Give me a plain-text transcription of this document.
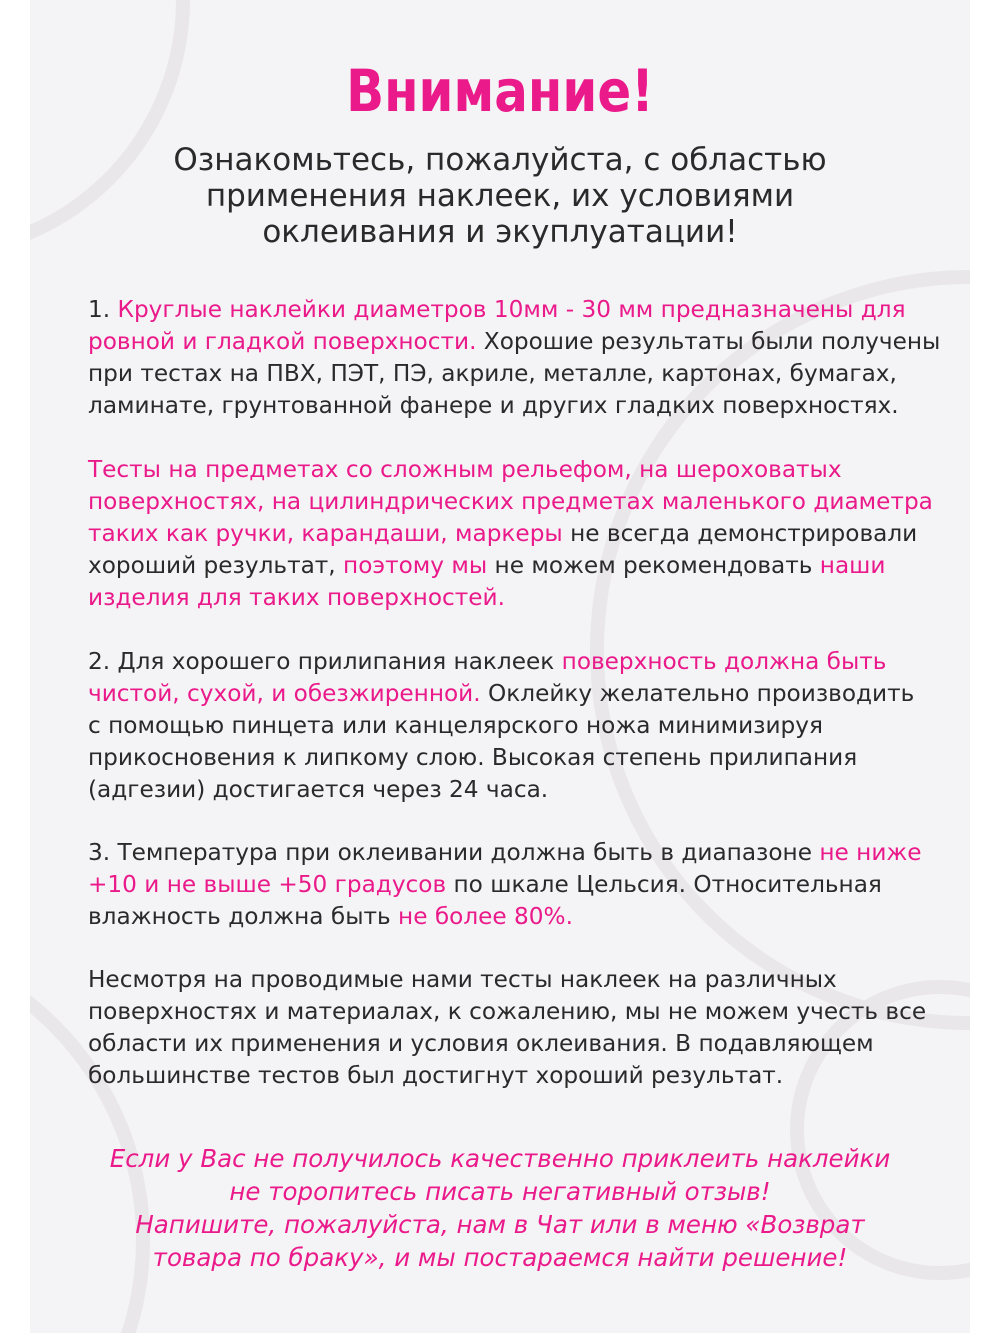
Внимание!
Ознакомьтесь, пожалуйста, с областью
применения наклеек, их условиями
оклеивания и экуплуатации!
1. Круглые наклейки диаметров 10мм - 30 мм предназначены для
ровной и гладкой поверхности. Хорошие результаты были получены
при тестах на ПВХ, ПЭТ, ПЭ, акриле, металле, картонах, бумагах,
ламинате, грунтованной фанере и других гладких поверхностях.
Тесты на предметах со сложным рельефом, на шероховатых
поверхностях, на цилиндрических предметах маленького диаметра
таких как ручки, карандаши, маркеры не всегда демонстрировали
хороший результат, поэтому мы не можем рекомендовать наши
изделия для таких поверхностей.
2. Для хорошего прилипания наклеек поверхность должна быть
чистой, сухой, и обезжиренной. Оклейку желательно производить
с помощью пинцета или канцелярского ножа минимизируя
прикосновения к липкому слою. Высокая степень прилипания
(адгезии) достигается через 24 часа.
3. Температура при оклеивании должна быть в диапазоне не ниже
+10 и не выше +50 градусов по шкале Цельсия. Относительная
влажность должна быть не более 80%.
Несмотря на проводимые нами тесты наклеек на различных
поверхностях и материалах, к сожалению, мы не можем учесть все
области их применения и условия оклеивания. В подавляющем
большинстве тестов был достигнут хороший результат.
Если у Вас не получилось качественно приклеить наклейки
не торопитесь писать негативный отзыв!
Напишите, пожалуйста, нам в Чат или в меню «Возврат
товара по браку», и мы постараемся найти решение!
